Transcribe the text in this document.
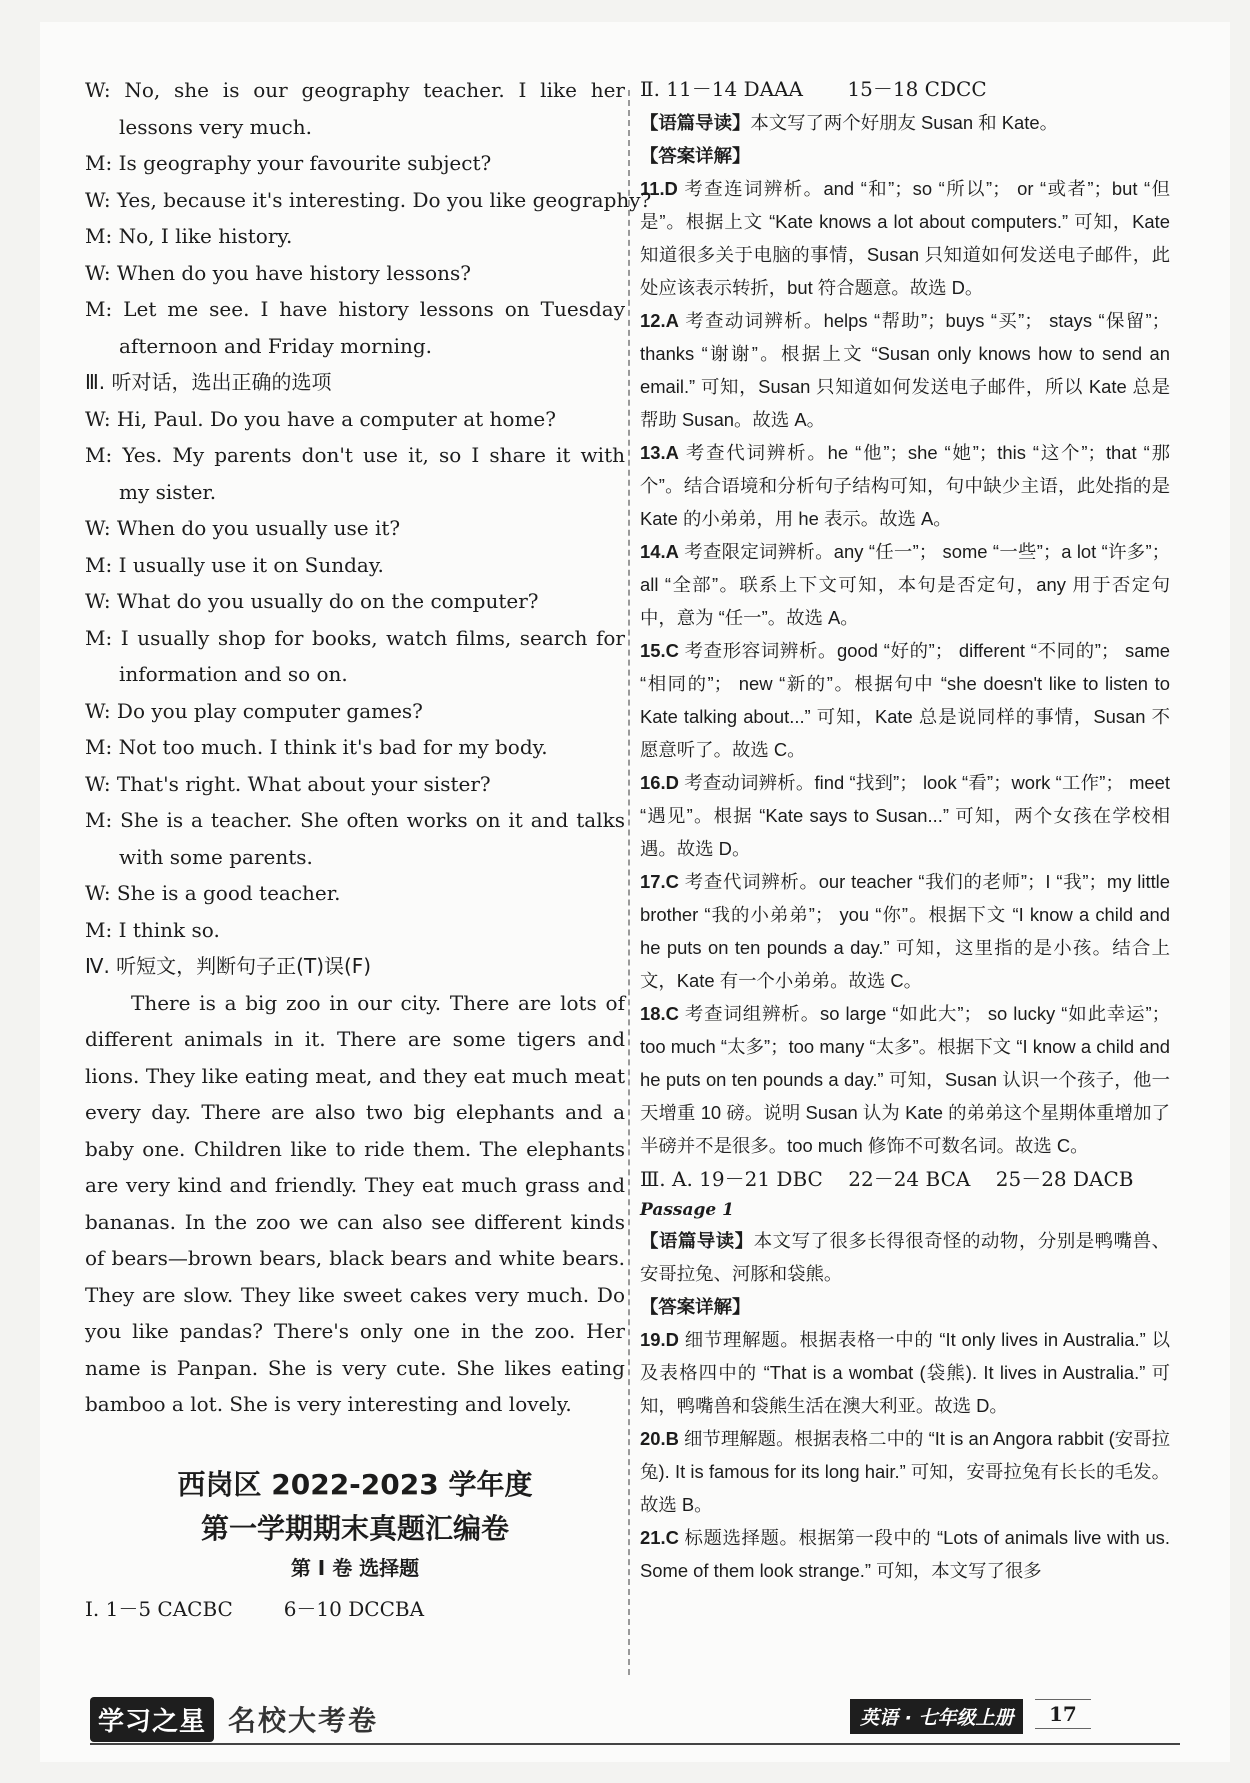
W: No, she is our geography teacher. I like her

lessons very much.

M: Is geography your favourite subject?

W: Yes, because it's interesting. Do you like geography?

M: No, I like history.

W: When do you have history lessons?

M: Let me see. I have history lessons on Tuesday

afternoon and Friday morning.

Ⅲ. 听对话，选出正确的选项

W: Hi, Paul. Do you have a computer at home?

M: Yes. My parents don't use it, so I share it with

my sister.

W: When do you usually use it?

M: I usually use it on Sunday.

W: What do you usually do on the computer?

M: I usually shop for books, watch films, search for

information and so on.

W: Do you play computer games?

M: Not too much. I think it's bad for my body.

W: That's right. What about your sister?

M: She is a teacher. She often works on it and talks

with some parents.

W: She is a good teacher.

M: I think so.

Ⅳ. 听短文，判断句子正(T)误(F)

There is a big zoo in our city. There are lots of different animals in it. There are some tigers and lions. They like eating meat, and they eat much meat every day. There are also two big elephants and a baby one. Children like to ride them. The elephants are very kind and friendly. They eat much grass and bananas. In the zoo we can also see different kinds of bears—brown bears, black bears and white bears. They are slow. They like sweet cakes very much. Do you like pandas? There's only one in the zoo. Her name is Panpan. She is very cute. She likes eating bamboo a lot. She is very interesting and lovely.

西岗区 2022-2023 学年度

第一学期期末真题汇编卷

第 Ⅰ 卷 选择题

Ⅰ. 1－5 CACBC        6－10 DCCBA

Ⅱ. 11－14 DAAA       15－18 CDCC

【语篇导读】本文写了两个好朋友 Susan 和 Kate。

【答案详解】

11.D 考查连词辨析。and “和”；so “所以”； or “或者”；but “但是”。根据上文 “Kate knows a lot about computers.” 可知，Kate 知道很多关于电脑的事情，Susan 只知道如何发送电子邮件，此处应该表示转折，but 符合题意。故选 D。

12.A 考查动词辨析。helps “帮助”；buys “买”； stays “保留”； thanks “谢谢”。根据上文 “Susan only knows how to send an email.” 可知，Susan 只知道如何发送电子邮件，所以 Kate 总是帮助 Susan。故选 A。

13.A 考查代词辨析。he “他”；she “她”；this “这个”；that “那个”。结合语境和分析句子结构可知，句中缺少主语，此处指的是 Kate 的小弟弟，用 he 表示。故选 A。

14.A 考查限定词辨析。any “任一”； some “一些”；a lot “许多”； all “全部”。联系上下文可知，本句是否定句，any 用于否定句中，意为 “任一”。故选 A。

15.C 考查形容词辨析。good “好的”； different “不同的”； same “相同的”； new “新的”。根据句中 “she doesn't like to listen to Kate talking about...” 可知，Kate 总是说同样的事情，Susan 不愿意听了。故选 C。

16.D 考查动词辨析。find “找到”； look “看”；work “工作”； meet “遇见”。根据 “Kate says to Susan...” 可知，两个女孩在学校相遇。故选 D。

17.C 考查代词辨析。our teacher “我们的老师”；I “我”；my little brother “我的小弟弟”； you “你”。根据下文 “I know a child and he puts on ten pounds a day.” 可知，这里指的是小孩。结合上文，Kate 有一个小弟弟。故选 C。

18.C 考查词组辨析。so large “如此大”； so lucky “如此幸运”； too much “太多”；too many “太多”。根据下文 “I know a child and he puts on ten pounds a day.” 可知，Susan 认识一个孩子，他一天增重 10 磅。说明 Susan 认为 Kate 的弟弟这个星期体重增加了半磅并不是很多。too much 修饰不可数名词。故选 C。

Ⅲ. A. 19－21 DBC    22－24 BCA    25－28 DACB

Passage 1

【语篇导读】本文写了很多长得很奇怪的动物，分别是鸭嘴兽、安哥拉兔、河豚和袋熊。

【答案详解】

19.D 细节理解题。根据表格一中的 “It only lives in Australia.” 以及表格四中的 “That is a wombat (袋熊). It lives in Australia.” 可知，鸭嘴兽和袋熊生活在澳大利亚。故选 D。

20.B 细节理解题。根据表格二中的 “It is an Angora rabbit (安哥拉兔). It is famous for its long hair.” 可知，安哥拉兔有长长的毛发。故选 B。

21.C 标题选择题。根据第一段中的 “Lots of animals live with us. Some of them look strange.” 可知，本文写了很多

学习之星 名校大考卷	英语 · 七年级上册	17
